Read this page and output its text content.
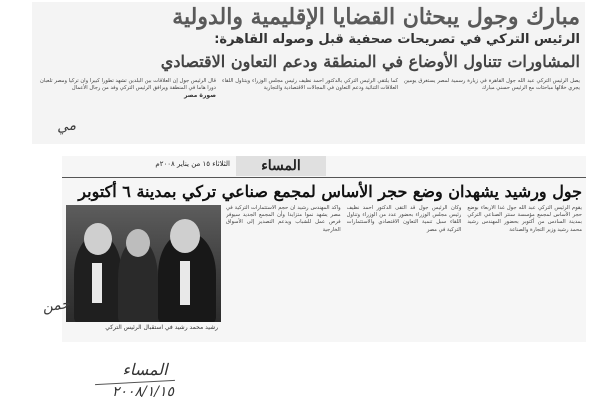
مبارك وجول يبحثان القضايا الإقليمية والدولية
الرئيس التركي في تصريحات صحفية قبل وصوله القاهرة:
المشاورات تتناول الأوضاع في المنطقة ودعم التعاون الاقتصادي
يصل الرئيس التركي عبد الله جول القاهرة في زيارة رسمية لمصر يستغرق يومين يجري خلالها مباحثات مع الرئيس حسني مبارك
كما يلتقي الرئيس التركي بالدكتور أحمد نظيف رئيس مجلس الوزراء ويتناول اللقاء العلاقات الثنائية ودعم التعاون في المجالات الاقتصادية والتجارية
قال الرئيس جول إن العلاقات بين البلدين تشهد تطورا كبيرا وأن تركيا ومصر تلعبان دورا هاما في المنطقة ويرافق الرئيس التركي وفد من رجال الأعمال
صورة مصر
مي
المساء
الثلاثاء ١٥ من يناير ٢٠٠٨م
جول ورشيد يشهدان وضع حجر الأساس لمجمع صناعي تركي بمدينة ٦ أكتوبر
رشيد محمد رشيد في استقبال الرئيس التركي
يقوم الرئيس التركي عبد الله جول غدا الأربعاء بوضع حجر الأساس لمجمع مؤسسة سنتر الصناعي التركي بمدينة السادس من أكتوبر بحضور المهندس رشيد محمد رشيد وزير التجارة والصناعة
وكان الرئيس جول قد التقى الدكتور أحمد نظيف رئيس مجلس الوزراء بحضور عدد من الوزراء وتناول اللقاء سبل تنمية التعاون الاقتصادي والاستثمارات التركية في مصر
وأكد المهندس رشيد أن حجم الاستثمارات التركية في مصر يشهد نموا متزايدا وأن المجمع الجديد سيوفر فرص عمل للشباب ويدعم التصدير إلى الأسواق الخارجية
حمن
المساء
٢٠٠٨/١/١٥
